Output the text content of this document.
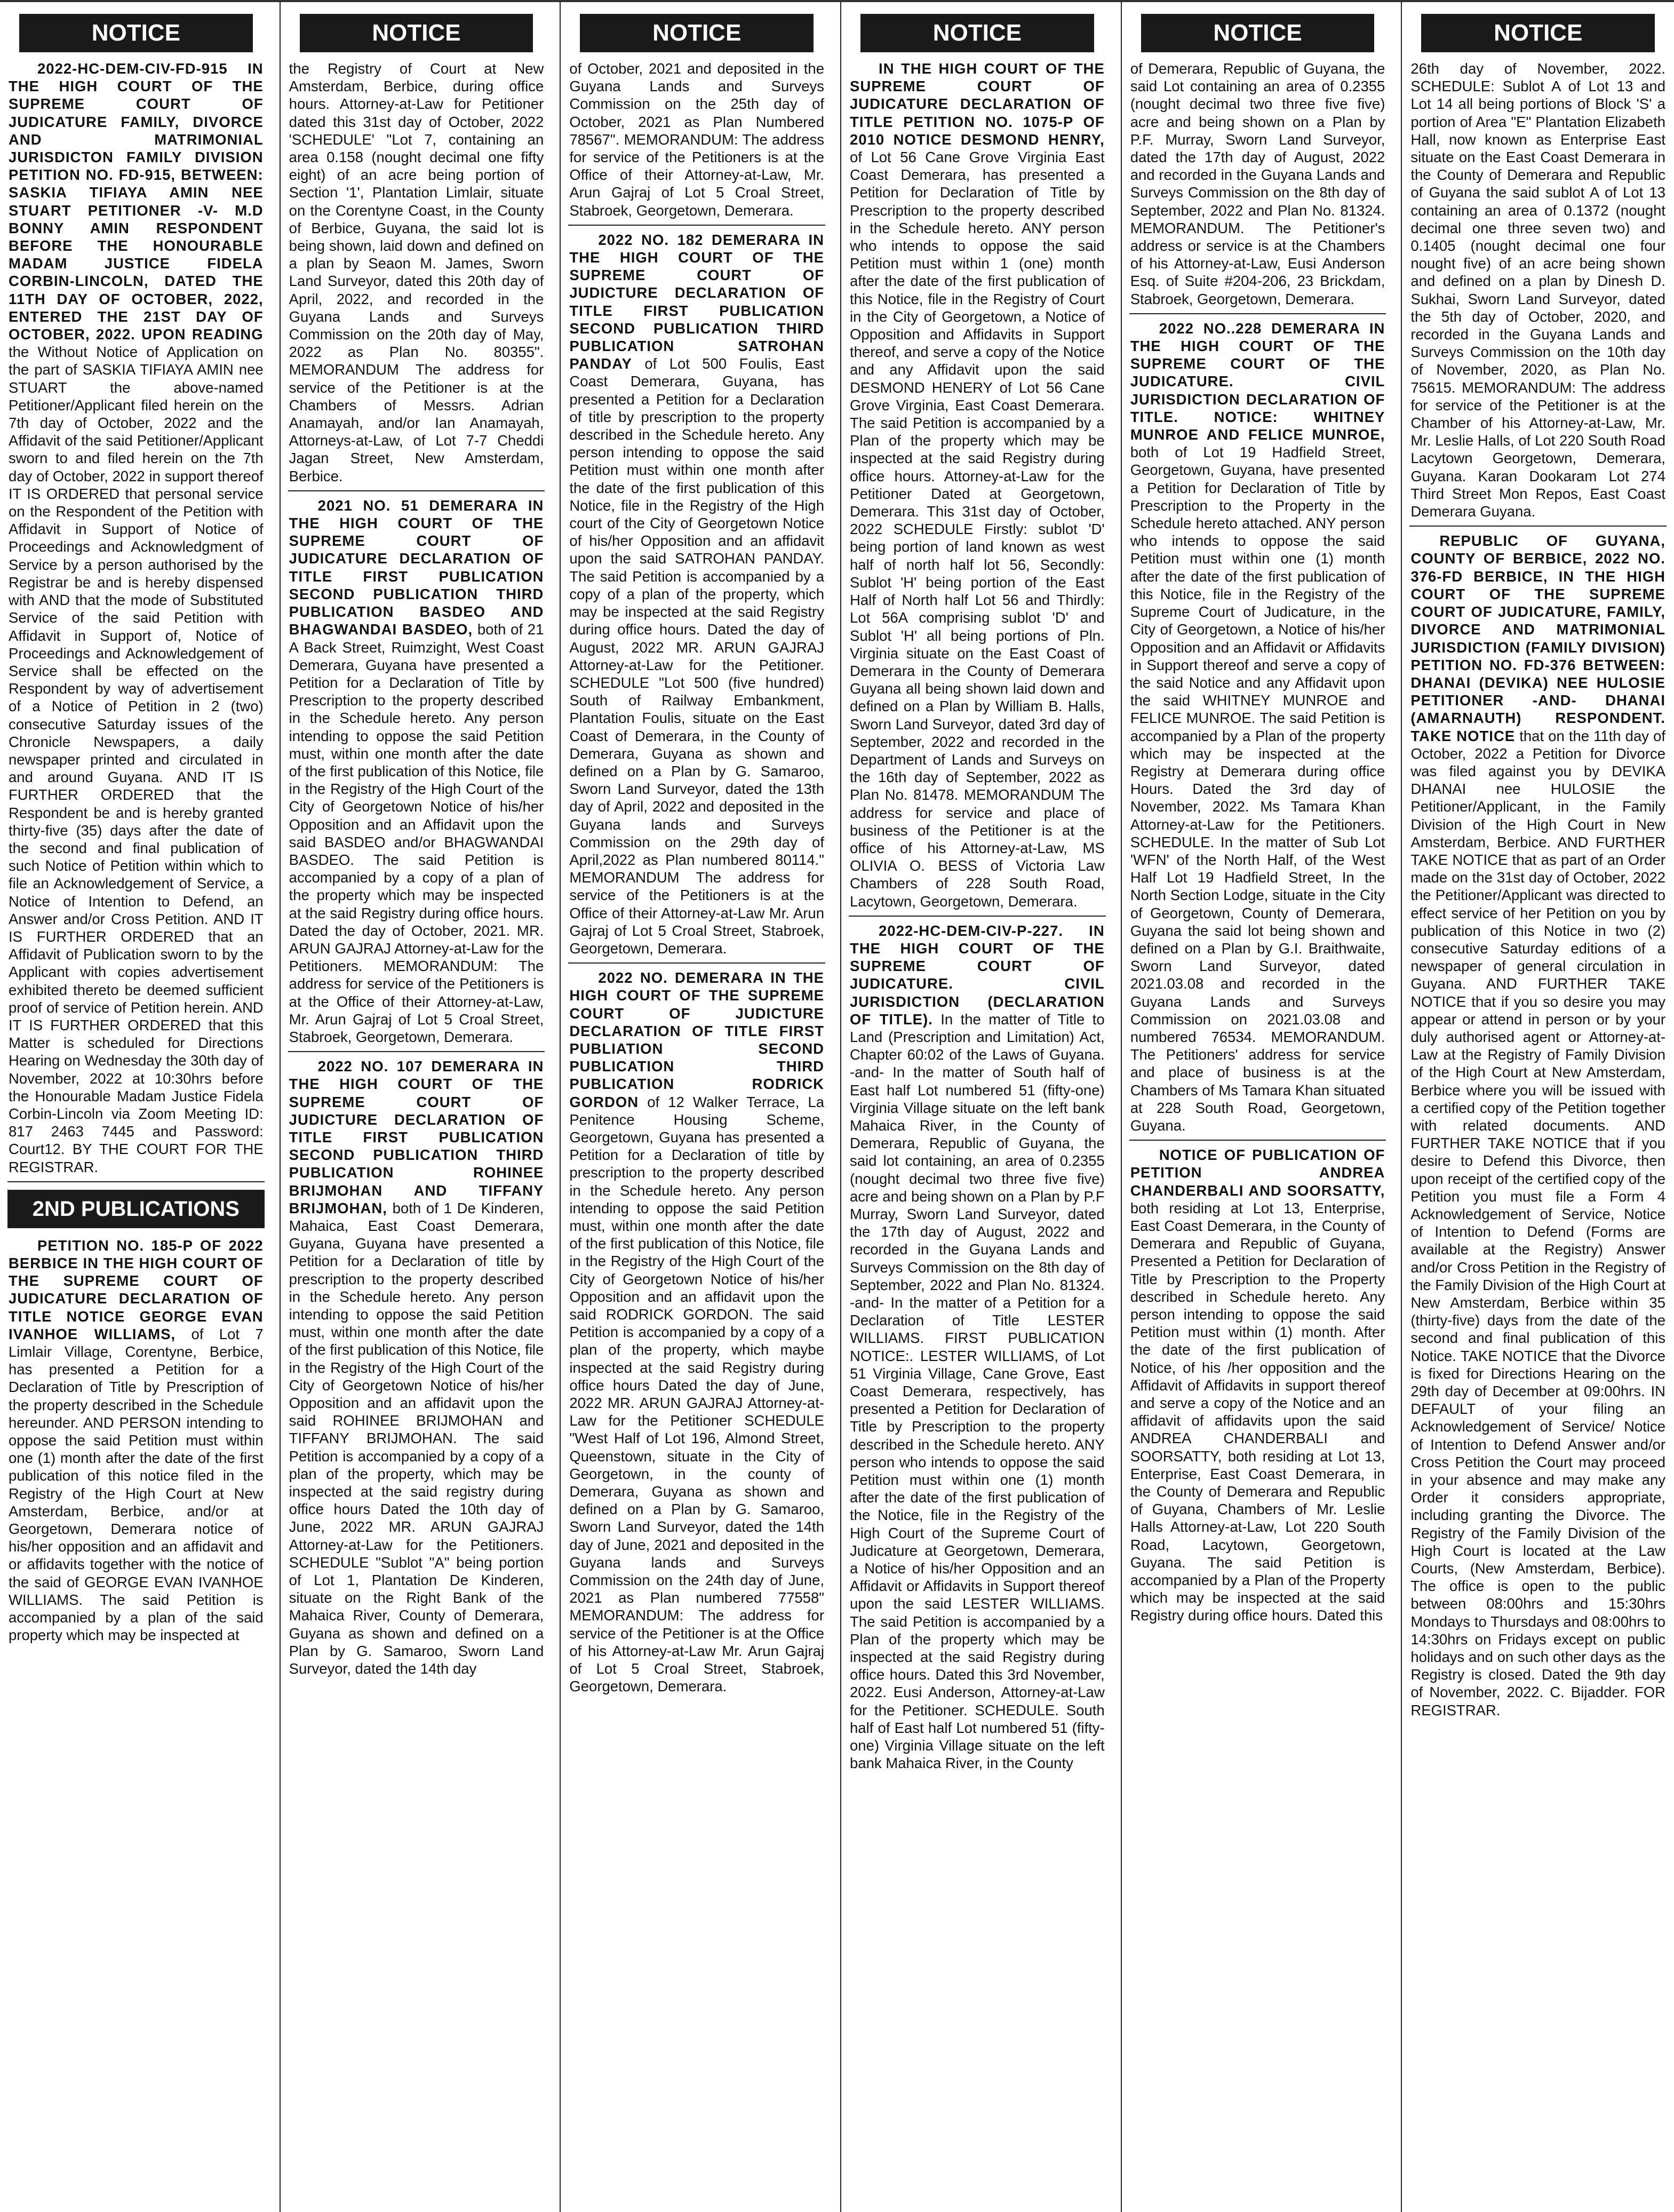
NOTICE

2022-HC-DEM-CIV-FD-915 IN THE HIGH COURT OF THE SUPREME COURT OF JUDICATURE FAMILY, DIVORCE AND MATRIMONIAL JURISDICTON FAMILY DIVISION PETITION NO. FD-915, BETWEEN: SASKIA TIFIAYA AMIN NEE STUART PETITIONER -V- M.D BONNY AMIN RESPONDENT BEFORE THE HONOURABLE MADAM JUSTICE FIDELA CORBIN-LINCOLN, DATED THE 11TH DAY OF OCTOBER, 2022, ENTERED THE 21ST DAY OF OCTOBER, 2022. UPON READING the Without Notice of Application on the part of SASKIA TIFIAYA AMIN nee STUART the above-named Petitioner/Applicant filed herein on the 7th day of October, 2022 and the Affidavit of the said Petitioner/Applicant sworn to and filed herein on the 7th day of October, 2022 in support thereof IT IS ORDERED that personal service on the Respondent of the Petition with Affidavit in Support of Notice of Proceedings and Acknowledgment of Service by a person authorised by the Registrar be and is hereby dispensed with AND that the mode of Substituted Service of the said Petition with Affidavit in Support of, Notice of Proceedings and Acknowledgement of Service shall be effected on the Respondent by way of advertisement of a Notice of Petition in 2 (two) consecutive Saturday issues of the Chronicle Newspapers, a daily newspaper printed and circulated in and around Guyana. AND IT IS FURTHER ORDERED that the Respondent be and is hereby granted thirty-five (35) days after the date of the second and final publication of such Notice of Petition within which to file an Acknowledgement of Service, a Notice of Intention to Defend, an Answer and/or Cross Petition. AND IT IS FURTHER ORDERED that an Affidavit of Publication sworn to by the Applicant with copies advertisement exhibited thereto be deemed sufficient proof of service of Petition herein. AND IT IS FURTHER ORDERED that this Matter is scheduled for Directions Hearing on Wednesday the 30th day of November, 2022 at 10:30hrs before the Honourable Madam Justice Fidela Corbin-Lincoln via Zoom Meeting ID: 817 2463 7445 and Password: Court12. BY THE COURT FOR THE REGISTRAR.

2ND PUBLICATIONS

PETITION NO. 185-P OF 2022 BERBICE IN THE HIGH COURT OF THE SUPREME COURT OF JUDICATURE DECLARATION OF TITLE NOTICE GEORGE EVAN IVANHOE WILLIAMS, of Lot 7 Limlair Village, Corentyne, Berbice, has presented a Petition for a Declaration of Title by Prescription of the property described in the Schedule hereunder. AND PERSON intending to oppose the said Petition must within one (1) month after the date of the first publication of this notice filed in the Registry of the High Court at New Amsterdam, Berbice, and/or at Georgetown, Demerara notice of his/her opposition and an affidavit and or affidavits together with the notice of the said of GEORGE EVAN IVANHOE WILLIAMS. The said Petition is accompanied by a plan of the said property which may be inspected at

NOTICE

the Registry of Court at New Amsterdam, Berbice, during office hours. Attorney-at-Law for Petitioner dated this 31st day of October, 2022 'SCHEDULE' "Lot 7, containing an area 0.158 (nought decimal one fifty eight) of an acre being portion of Section '1', Plantation Limlair, situate on the Corentyne Coast, in the County of Berbice, Guyana, the said lot is being shown, laid down and defined on a plan by Seaon M. James, Sworn Land Surveyor, dated this 20th day of April, 2022, and recorded in the Guyana Lands and Surveys Commission on the 20th day of May, 2022 as Plan No. 80355". MEMORANDUM The address for service of the Petitioner is at the Chambers of Messrs. Adrian Anamayah, and/or Ian Anamayah, Attorneys-at-Law, of Lot 7-7 Cheddi Jagan Street, New Amsterdam, Berbice.

2021 NO. 51 DEMERARA IN THE HIGH COURT OF THE SUPREME COURT OF JUDICATURE DECLARATION OF TITLE FIRST PUBLICATION SECOND PUBLICATION THIRD PUBLICATION BASDEO AND BHAGWANDAI BASDEO, both of 21 A Back Street, Ruimzight, West Coast Demerara, Guyana have presented a Petition for a Declaration of Title by Prescription to the property described in the Schedule hereto. Any person intending to oppose the said Petition must, within one month after the date of the first publication of this Notice, file in the Registry of the High Court of the City of Georgetown Notice of his/her Opposition and an Affidavit upon the said BASDEO and/or BHAGWANDAI BASDEO. The said Petition is accompanied by a copy of a plan of the property which may be inspected at the said Registry during office hours. Dated the day of October, 2021. MR. ARUN GAJRAJ Attorney-at-Law for the Petitioners. MEMORANDUM: The address for service of the Petitioners is at the Office of their Attorney-at-Law, Mr. Arun Gajraj of Lot 5 Croal Street, Stabroek, Georgetown, Demerara.

2022 NO. 107 DEMERARA IN THE HIGH COURT OF THE SUPREME COURT OF JUDICTURE DECLARATION OF TITLE FIRST PUBLICATION SECOND PUBLICATION THIRD PUBLICATION ROHINEE BRIJMOHAN AND TIFFANY BRIJMOHAN, both of 1 De Kinderen, Mahaica, East Coast Demerara, Guyana, Guyana have presented a Petition for a Declaration of title by prescription to the property described in the Schedule hereto. Any person intending to oppose the said Petition must, within one month after the date of the first publication of this Notice, file in the Registry of the High Court of the City of Georgetown Notice of his/her Opposition and an affidavit upon the said ROHINEE BRIJMOHAN and TIFFANY BRIJMOHAN. The said Petition is accompanied by a copy of a plan of the property, which may be inspected at the said registry during office hours Dated the 10th day of June, 2022 MR. ARUN GAJRAJ Attorney-at-Law for the Petitioners. SCHEDULE "Sublot "A" being portion of Lot 1, Plantation De Kinderen, situate on the Right Bank of the Mahaica River, County of Demerara, Guyana as shown and defined on a Plan by G. Samaroo, Sworn Land Surveyor, dated the 14th day

NOTICE

of October, 2021 and deposited in the Guyana Lands and Surveys Commission on the 25th day of October, 2021 as Plan Numbered 78567". MEMORANDUM: The address for service of the Petitioners is at the Office of their Attorney-at-Law, Mr. Arun Gajraj of Lot 5 Croal Street, Stabroek, Georgetown, Demerara.

2022 NO. 182 DEMERARA IN THE HIGH COURT OF THE SUPREME COURT OF JUDICTURE DECLARATION OF TITLE FIRST PUBLICATION SECOND PUBLICATION THIRD PUBLICATION SATROHAN PANDAY of Lot 500 Foulis, East Coast Demerara, Guyana, has presented a Petition for a Declaration of title by prescription to the property described in the Schedule hereto. Any person intending to oppose the said Petition must within one month after the date of the first publication of this Notice, file in the Registry of the High court of the City of Georgetown Notice of his/her Opposition and an affidavit upon the said SATROHAN PANDAY. The said Petition is accompanied by a copy of a plan of the property, which may be inspected at the said Registry during office hours. Dated the day of August, 2022 MR. ARUN GAJRAJ Attorney-at-Law for the Petitioner. SCHEDULE "Lot 500 (five hundred) South of Railway Embankment, Plantation Foulis, situate on the East Coast of Demerara, in the County of Demerara, Guyana as shown and defined on a Plan by G. Samaroo, Sworn Land Surveyor, dated the 13th day of April, 2022 and deposited in the Guyana lands and Surveys Commission on the 29th day of April,2022 as Plan numbered 80114." MEMORANDUM The address for service of the Petitioners is at the Office of their Attorney-at-Law Mr. Arun Gajraj of Lot 5 Croal Street, Stabroek, Georgetown, Demerara.

2022 NO. DEMERARA IN THE HIGH COURT OF THE SUPREME COURT OF JUDICTURE DECLARATION OF TITLE FIRST PUBLIATION SECOND PUBLICATION THIRD PUBLICATION RODRICK GORDON of 12 Walker Terrace, La Penitence Housing Scheme, Georgetown, Guyana has presented a Petition for a Declaration of title by prescription to the property described in the Schedule hereto. Any person intending to oppose the said Petition must, within one month after the date of the first publication of this Notice, file in the Registry of the High Court of the City of Georgetown Notice of his/her Opposition and an affidavit upon the said RODRICK GORDON. The said Petition is accompanied by a copy of a plan of the property, which maybe inspected at the said Registry during office hours Dated the day of June, 2022 MR. ARUN GAJRAJ Attorney-at-Law for the Petitioner SCHEDULE "West Half of Lot 196, Almond Street, Queenstown, situate in the City of Georgetown, in the county of Demerara, Guyana as shown and defined on a Plan by G. Samaroo, Sworn Land Surveyor, dated the 14th day of June, 2021 and deposited in the Guyana lands and Surveys Commission on the 24th day of June, 2021 as Plan numbered 77558" MEMORANDUM: The address for service of the Petitioner is at the Office of his Attorney-at-Law Mr. Arun Gajraj of Lot 5 Croal Street, Stabroek, Georgetown, Demerara.

NOTICE

IN THE HIGH COURT OF THE SUPREME COURT OF JUDICATURE DECLARATION OF TITLE PETITION NO. 1075-P OF 2010 NOTICE DESMOND HENRY, of Lot 56 Cane Grove Virginia East Coast Demerara, has presented a Petition for Declaration of Title by Prescription to the property described in the Schedule hereto. ANY person who intends to oppose the said Petition must within 1 (one) month after the date of the first publication of this Notice, file in the Registry of Court in the City of Georgetown, a Notice of Opposition and Affidavits in Support thereof, and serve a copy of the Notice and any Affidavit upon the said DESMOND HENERY of Lot 56 Cane Grove Virginia, East Coast Demerara. The said Petition is accompanied by a Plan of the property which may be inspected at the said Registry during office hours. Attorney-at-Law for the Petitioner Dated at Georgetown, Demerara. This 31st day of October, 2022 SCHEDULE Firstly: sublot 'D' being portion of land known as west half of north half lot 56, Secondly: Sublot 'H' being portion of the East Half of North half Lot 56 and Thirdly: Lot 56A comprising sublot 'D' and Sublot 'H' all being portions of Pln. Virginia situate on the East Coast of Demerara in the County of Demerara Guyana all being shown laid down and defined on a Plan by William B. Halls, Sworn Land Surveyor, dated 3rd day of September, 2022 and recorded in the Department of Lands and Surveys on the 16th day of September, 2022 as Plan No. 81478. MEMORANDUM The address for service and place of business of the Petitioner is at the office of his Attorney-at-Law, MS OLIVIA O. BESS of Victoria Law Chambers of 228 South Road, Lacytown, Georgetown, Demerara.

2022-HC-DEM-CIV-P-227. IN THE HIGH COURT OF THE SUPREME COURT OF JUDICATURE. CIVIL JURISDICTION (DECLARATION OF TITLE). In the matter of Title to Land (Prescription and Limitation) Act, Chapter 60:02 of the Laws of Guyana. -and- In the matter of South half of East half Lot numbered 51 (fifty-one) Virginia Village situate on the left bank Mahaica River, in the County of Demerara, Republic of Guyana, the said lot containing, an area of 0.2355 (nought decimal two three five five) acre and being shown on a Plan by P.F Murray, Sworn Land Surveyor, dated the 17th day of August, 2022 and recorded in the Guyana Lands and Surveys Commission on the 8th day of September, 2022 and Plan No. 81324. -and- In the matter of a Petition for a Declaration of Title LESTER WILLIAMS. FIRST PUBLICATION NOTICE:. LESTER WILLIAMS, of Lot 51 Virginia Village, Cane Grove, East Coast Demerara, respectively, has presented a Petition for Declaration of Title by Prescription to the property described in the Schedule hereto. ANY person who intends to oppose the said Petition must within one (1) month after the date of the first publication of the Notice, file in the Registry of the High Court of the Supreme Court of Judicature at Georgetown, Demerara, a Notice of his/her Opposition and an Affidavit or Affidavits in Support thereof upon the said LESTER WILLIAMS. The said Petition is accompanied by a Plan of the property which may be inspected at the said Registry during office hours. Dated this 3rd November, 2022. Eusi Anderson, Attorney-at-Law for the Petitioner. SCHEDULE. South half of East half Lot numbered 51 (fifty-one) Virginia Village situate on the left bank Mahaica River, in the County

NOTICE

of Demerara, Republic of Guyana, the said Lot containing an area of 0.2355 (nought decimal two three five five) acre and being shown on a Plan by P.F. Murray, Sworn Land Surveyor, dated the 17th day of August, 2022 and recorded in the Guyana Lands and Surveys Commission on the 8th day of September, 2022 and Plan No. 81324. MEMORANDUM. The Petitioner's address or service is at the Chambers of his Attorney-at-Law, Eusi Anderson Esq. of Suite #204-206, 23 Brickdam, Stabroek, Georgetown, Demerara.

2022 NO..228 DEMERARA IN THE HIGH COURT OF THE SUPREME COURT OF THE JUDICATURE. CIVIL JURISDICTION DECLARATION OF TITLE. NOTICE: WHITNEY MUNROE AND FELICE MUNROE, both of Lot 19 Hadfield Street, Georgetown, Guyana, have presented a Petition for Declaration of Title by Prescription to the Property in the Schedule hereto attached. ANY person who intends to oppose the said Petition must within one (1) month after the date of the first publication of this Notice, file in the Registry of the Supreme Court of Judicature, in the City of Georgetown, a Notice of his/her Opposition and an Affidavit or Affidavits in Support thereof and serve a copy of the said Notice and any Affidavit upon the said WHITNEY MUNROE and FELICE MUNROE. The said Petition is accompanied by a Plan of the property which may be inspected at the Registry at Demerara during office Hours. Dated the 3rd day of November, 2022. Ms Tamara Khan Attorney-at-Law for the Petitioners. SCHEDULE. In the matter of Sub Lot 'WFN' of the North Half, of the West Half Lot 19 Hadfield Street, In the North Section Lodge, situate in the City of Georgetown, County of Demerara, Guyana the said lot being shown and defined on a Plan by G.I. Braithwaite, Sworn Land Surveyor, dated 2021.03.08 and recorded in the Guyana Lands and Surveys Commission on 2021.03.08 and numbered 76534. MEMORANDUM. The Petitioners' address for service and place of business is at the Chambers of Ms Tamara Khan situated at 228 South Road, Georgetown, Guyana.

NOTICE OF PUBLICATION OF PETITION ANDREA CHANDERBALI AND SOORSATTY, both residing at Lot 13, Enterprise, East Coast Demerara, in the County of Demerara and Republic of Guyana, Presented a Petition for Declaration of Title by Prescription to the Property described in Schedule hereto. Any person intending to oppose the said Petition must within (1) month. After the date of the first publication of Notice, of his /her opposition and the Affidavit of Affidavits in support thereof and serve a copy of the Notice and an affidavit of affidavits upon the said ANDREA CHANDERBALI and SOORSATTY, both residing at Lot 13, Enterprise, East Coast Demerara, in the County of Demerara and Republic of Guyana, Chambers of Mr. Leslie Halls Attorney-at-Law, Lot 220 South Road, Lacytown, Georgetown, Guyana. The said Petition is accompanied by a Plan of the Property which may be inspected at the said Registry during office hours. Dated this

NOTICE

26th day of November, 2022. SCHEDULE: Sublot A of Lot 13 and Lot 14 all being portions of Block 'S' a portion of Area "E" Plantation Elizabeth Hall, now known as Enterprise East situate on the East Coast Demerara in the County of Demerara and Republic of Guyana the said sublot A of Lot 13 containing an area of 0.1372 (nought decimal one three seven two) and 0.1405 (nought decimal one four nought five) of an acre being shown and defined on a plan by Dinesh D. Sukhai, Sworn Land Surveyor, dated the 5th day of October, 2020, and recorded in the Guyana Lands and Surveys Commission on the 10th day of November, 2020, as Plan No. 75615. MEMORANDUM: The address for service of the Petitioner is at the Chamber of his Attorney-at-Law, Mr. Mr. Leslie Halls, of Lot 220 South Road Lacytown Georgetown, Demerara, Guyana. Karan Dookaram Lot 274 Third Street Mon Repos, East Coast Demerara Guyana.

REPUBLIC OF GUYANA, COUNTY OF BERBICE, 2022 NO. 376-FD BERBICE, IN THE HIGH COURT OF THE SUPREME COURT OF JUDICATURE, FAMILY, DIVORCE AND MATRIMONIAL JURISDICTION (FAMILY DIVISION) PETITION NO. FD-376 BETWEEN: DHANAI (DEVIKA) NEE HULOSIE PETITIONER -AND- DHANAI (AMARNAUTH) RESPONDENT. TAKE NOTICE that on the 11th day of October, 2022 a Petition for Divorce was filed against you by DEVIKA DHANAI nee HULOSIE the Petitioner/Applicant, in the Family Division of the High Court in New Amsterdam, Berbice. AND FURTHER TAKE NOTICE that as part of an Order made on the 31st day of October, 2022 the Petitioner/Applicant was directed to effect service of her Petition on you by publication of this Notice in two (2) consecutive Saturday editions of a newspaper of general circulation in Guyana. AND FURTHER TAKE NOTICE that if you so desire you may appear or attend in person or by your duly authorised agent or Attorney-at-Law at the Registry of Family Division of the High Court at New Amsterdam, Berbice where you will be issued with a certified copy of the Petition together with related documents. AND FURTHER TAKE NOTICE that if you desire to Defend this Divorce, then upon receipt of the certified copy of the Petition you must file a Form 4 Acknowledgement of Service, Notice of Intention to Defend (Forms are available at the Registry) Answer and/or Cross Petition in the Registry of the Family Division of the High Court at New Amsterdam, Berbice within 35 (thirty-five) days from the date of the second and final publication of this Notice. TAKE NOTICE that the Divorce is fixed for Directions Hearing on the 29th day of December at 09:00hrs. IN DEFAULT of your filing an Acknowledgement of Service/ Notice of Intention to Defend Answer and/or Cross Petition the Court may proceed in your absence and may make any Order it considers appropriate, including granting the Divorce. The Registry of the Family Division of the High Court is located at the Law Courts, (New Amsterdam, Berbice). The office is open to the public between 08:00hrs and 15:30hrs Mondays to Thursdays and 08:00hrs to 14:30hrs on Fridays except on public holidays and on such other days as the Registry is closed. Dated the 9th day of November, 2022. C. Bijadder. FOR REGISTRAR.
